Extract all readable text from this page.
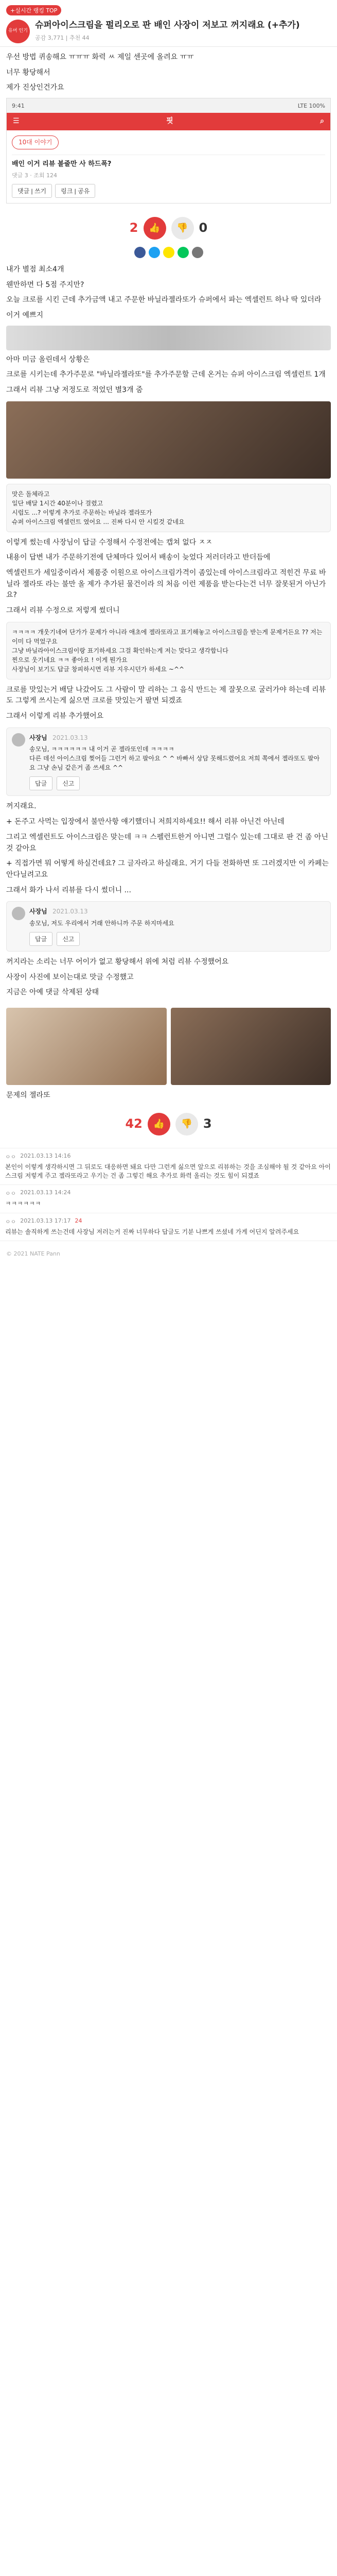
+실시간 랭킹 TOP
유머 인기
슈퍼아이스크림을 펄리오로 판 배인 사장이 저보고 꺼지래요 (+추가)
공감 3,771 | 추천 44

우선 방법 퀴송해요 ㅠㅠㅠ 화력 ㅆ 제일 센곳에 올려요 ㅠㅠ

너무 황당해서

제가 진상인건가요

9:41	LTE 100%
☰	핏	⌕
10대 이야기
배인 이거 리뷰 볼줄만 사 하드폭?
댓글 3 · 조회 124
댓글 | 쓰기	링크 | 공유
2	👍	👎 0

내가 별점 최소4개

웬만하면 다 5점 주지만?

오늘 크로를 시킨 근데 추가금액 내고 주문한 바닐라젤라또가 슈퍼에서 파는 엑셀런트 하나 딱 있더라

이거 예쁘지

아마 미금 올린데서 상황은

크로를 시키는데 추가주문로 "바닐라젤라또"를 추가주문할 근데 온거는 슈퍼 아이스크림 엑셀런트 1개

그래서 리뷰 그냥 저정도로 적었던 별3개 줌

맛은 돌체라고
일단 배달 1시간 40분이나 걸렸고
시럽도 ...? 이렇게 추가로 주문하는 바닐라 젤라또가
슈퍼 아이스크림 엑셀런트 였어요 ... 진짜 다시 안 시킬것 같네요

이렇게 썼는데 사장님이 답글 수정해서 수정전에는 캡쳐 없다 ㅈㅈ

내용이 답변 내가 주문하기전에 단체마다 있어서 배송이 늦었다 저러더라고 반더듬에

엑셀런트가 세일중이라서 제품중 이원으로 아이스크림가격이 좀있는데 아이스크림라고 적힌건 무료 바닐라 젤라또 라는 불만 올 제가 추가된 물건이라 의 처음 이런 제품을 받는다는건 너무 잘못된거 아닌가요?

그래서 리뷰 수정으로 저렇게 썼더니

ㅋㅋㅋㅋ 개웃기네여 단가가 문제가 아니라 애초에 젤라또라고 표기해놓고 아이스크림을 받는게 문제거든요 ?? 저는 이미 다 먹었구요
그냥 바닐라아이스크림이랑 표기하세요 그걸 확인하는게 저는 맞다고 생각합니다
찐으로 웃기네요 ㅋㅋ 좋아요 ! 이게 뭔가요
사장님이 보기도 답글 창피하시면 리뷰 지우시던가 하세요 ~^^

크로를 맛있는거 배달 나갔어도 그 사람이 말 리하는 그 음식 만드는 제 잘못으로 굴러가야 하는데 리뷰도 그렇게 쓰시는게 싫으면 크로를 맛있는거 팔면 되겠죠

그래서 이렇게 리뷰 추가했어요

사장님 2021.03.13
송모님, ㅋㅋㅋㅋㅋㅋ 내 이거 곧 젤라또인데 ㅋㅋㅋㅋ
다른 데선 아이스크림 찢어들 그런거 하고 팔아요 ^ ^ 바빠서 상담 못해드렸어요 저희 쪽에서 젤라또도 팔아요 그냥 손님 같은거 좀 쓰세요 ^^
답글	신고

꺼지래요.

+ 돈주고 사먹는 입장에서 불만사항 얘기했더니 저희지하세요!! 해서 리뷰 아닌건 아닌데

그리고 엑셀런트도 아이스크림은 맞는데 ㅋㅋ 스펠런트한거 아니면 그럴수 있는데 그대로 판 건 좀 아닌것 같아요

+ 직접가면 뭐 어떻게 하실건데요? 그 글자라고 하실래요. 거기 다들 전화하면 또 그러겠지만 이 카페는 안다닐려고요

그래서 화가 나서 리뷰를 다시 썼더니 ...

사장님 2021.03.13
송모님, 저도 우리에서 거래 안하니까 주문 하지마세요
답글	신고

꺼지라는 소리는 너무 어이가 없고 황당해서 위에 처럼 리뷰 수정했어요

사장이 사진에 보이는대로 맛글 수정했고

지금은 아예 댓글 삭제된 상태

문제의 젤라또

42	👍	👎 3
ㅇㅇ 2021.03.13 14:16
본인이 이렇게 생각하시면 그 뒤로도 대응하면 돼요 다만 그런게 싫으면 앞으로 리뷰하는 것을 조심해야 될 것 같아요 아이스크림 저렇게 주고 젤라또라고 우기는 건 좀 그렇긴 해요 추가로 화력 올리는 것도 힘이 되겠죠
ㅇㅇ 2021.03.13 14:24
ㅋㅋㅋㅋㅋㅋ
ㅇㅇ 2021.03.13 17:17 24
리뷰는 솔직하게 쓰는건데 사장님 저러는거 진짜 너무하다 답글도 기분 나쁘게 쓰셨네 가게 어딘지 알려주세요
© 2021 NATE Pann
